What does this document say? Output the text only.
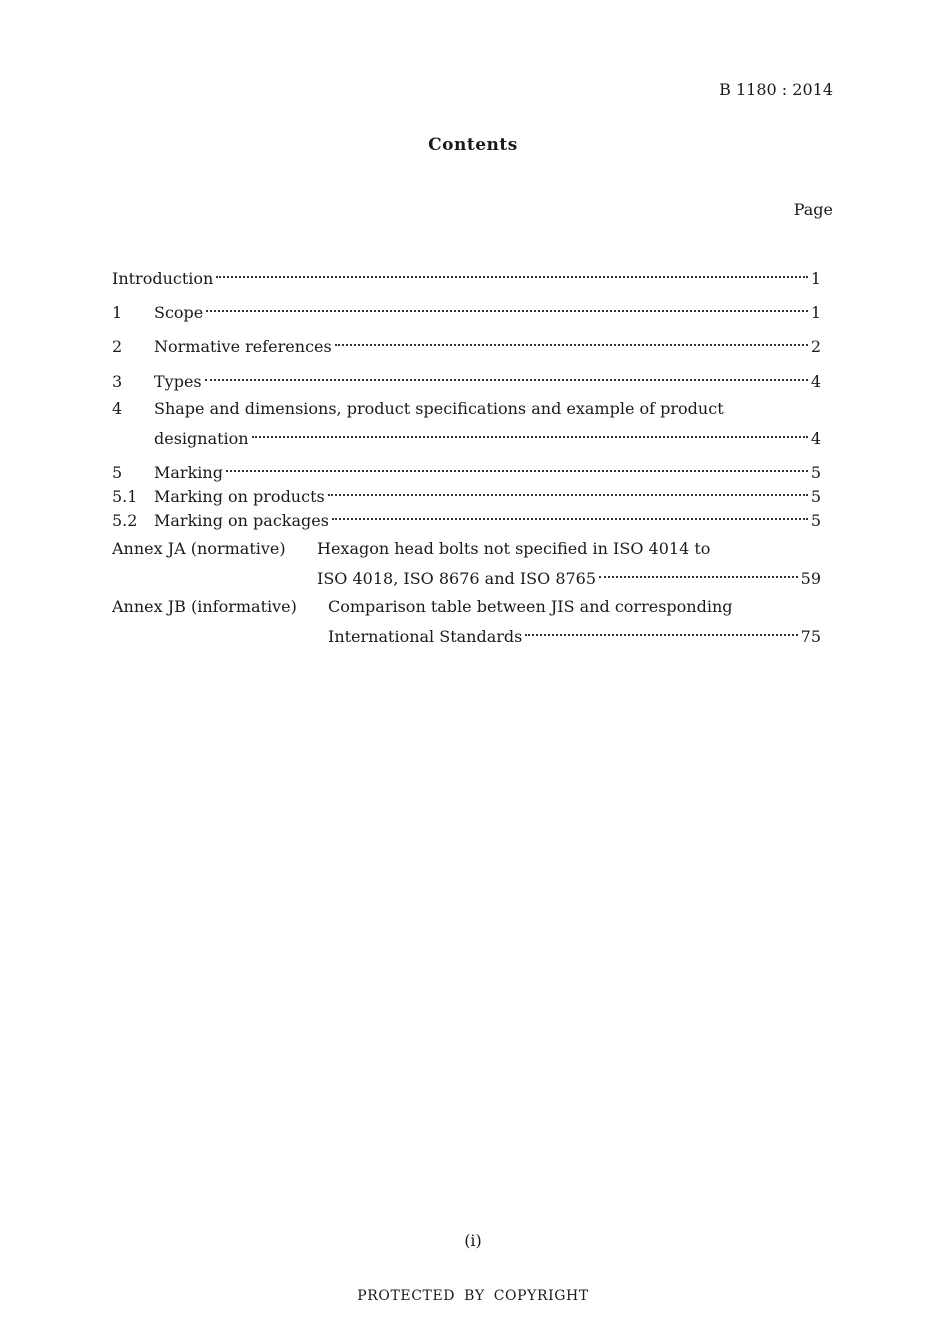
B 1180 : 2014
Contents
Page
Introduction	1
1	Scope	1
2	Normative references	2
3	Types	4
4 Shape and dimensions, product specifications and example of product
designation	4
5	Marking	5
5.1	Marking on products	5
5.2	Marking on packages	5
Annex JA (normative) Hexagon head bolts not specified in ISO 4014 to
ISO 4018, ISO 8676 and ISO 8765	59
Annex JB (informative) Comparison table between JIS and corresponding
International Standards	75
(i)
PROTECTED BY COPYRIGHT
